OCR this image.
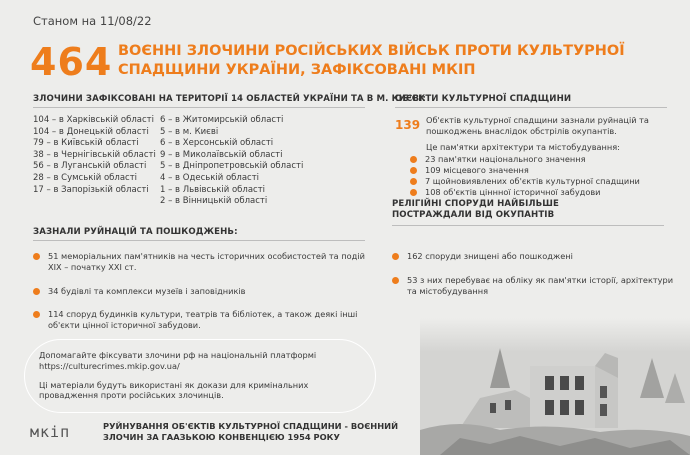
Станом на 11/08/22
464 ВОЄННІ ЗЛОЧИНИ РОСІЙСЬКИХ ВІЙСЬК ПРОТИ КУЛЬТУРНОЇ СПАДЩИНИ УКРАЇНИ, ЗАФІКСОВАНІ МКІП
ЗЛОЧИНИ ЗАФІКСОВАНІ НА ТЕРИТОРІЇ 14 ОБЛАСТЕЙ УКРАЇНИ ТА В М. КИЄВІ:
104 – в Харківській області
104 – в Донецькій області
79 – в Київській області
38 – в Чернігівській області
56 – в Луганській області
28 – в Сумській області
17 – в Запорізькій області
6 – в Житомирській області
5 – в м. Києві
6 – в Херсонській області
9 – в Миколаївській області
5 – в Дніпропетровській області
4 – в Одеській області
1 – в Львівській області
2 – в Вінницькій області
ОБ'ЄКТИ КУЛЬТУРНОЇ СПАДЩИНИ
139 Об'єктів культурної спадщини зазнали руйнацій та пошкоджень внаслідок обстрілів окупантів.
Це пам'ятки архітектури та містобудування:
23 пам'ятки національного значення
109 місцевого значення
7 щойновиявлених об'єктів культурної спадщини
108 об'єктів ціннної історичної забудови
ЗАЗНАЛИ РУЙНАЦІЙ ТА ПОШКОДЖЕНЬ:
51 меморіальних пам'ятників на честь історичних особистостей та подій XIX – початку XXI ст.
34 будівлі та комплекси музеїв і заповідників
114 споруд будинків культури, театрів та бібліотек, а також деякі інші об'єкти цінної історичної забудови.
РЕЛІГІЙНІ СПОРУДИ НАЙБІЛЬШЕ ПОСТРАЖДАЛИ ВІД ОКУПАНТІВ
162 споруди знищені або пошкоджені
53 з них перебуває на обліку як пам'ятки історії, архітектури та містобудування
Допомагайте фіксувати злочини рф на національній платформі
https://culturecrimes.mkip.gov.ua/
Ці матеріали будуть використані як докази для кримінальних провадження проти російських злочинців.
мкіп	РУЙНУВАННЯ ОБ'ЄКТІВ КУЛЬТУРНОЇ СПАДЩИНИ - ВОЄННИЙ ЗЛОЧИН ЗА ГААЗЬКОЮ КОНВЕНЦІЄЮ 1954 РОКУ
